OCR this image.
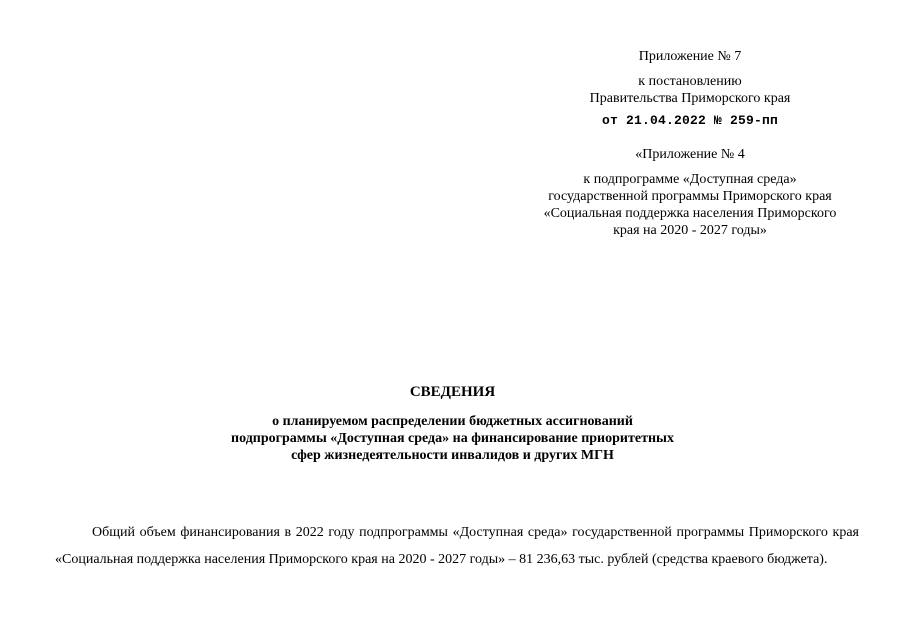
Приложение № 7
к постановлению
Правительства Приморского края
от 21.04.2022 № 259-пп
«Приложение № 4
к подпрограмме «Доступная среда»
государственной программы Приморского края
«Социальная поддержка населения Приморского
края на 2020 - 2027 годы»
СВЕДЕНИЯ
о планируемом распределении бюджетных ассигнований
подпрограммы «Доступная среда» на финансирование приоритетных
сфер жизнедеятельности инвалидов и других МГН

Общий объем финансирования в 2022 году подпрограммы «Доступная среда» государственной программы Приморского края «Социальная поддержка населения Приморского края на 2020 - 2027 годы» – 81 236,63 тыс. рублей (средства краевого бюджета).
